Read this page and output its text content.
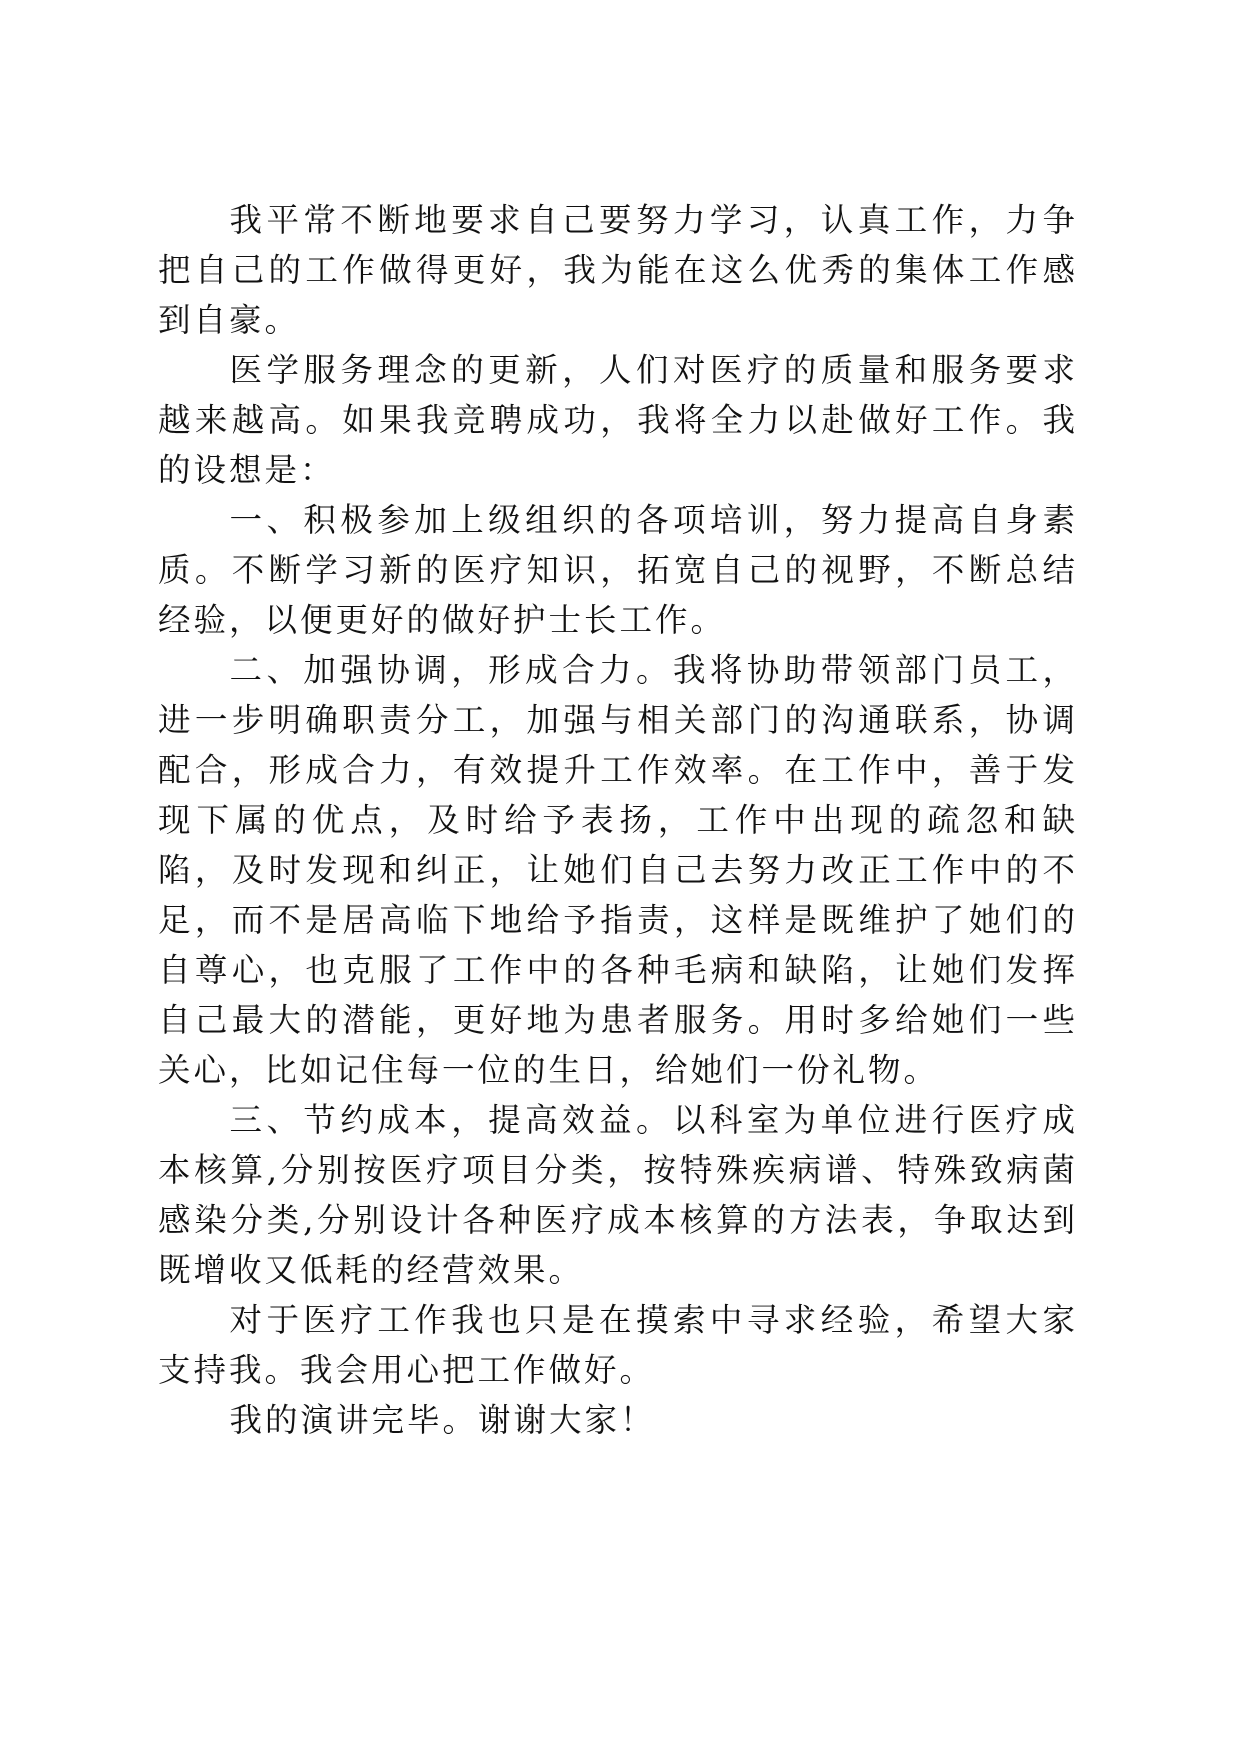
我平常不断地要求自己要努力学习，认真工作，力争把自己的工作做得更好，我为能在这么优秀的集体工作感到自豪。

医学服务理念的更新，人们对医疗的质量和服务要求越来越高。如果我竞聘成功，我将全力以赴做好工作。我的设想是：

一、积极参加上级组织的各项培训，努力提高自身素质。不断学习新的医疗知识，拓宽自己的视野，不断总结经验，以便更好的做好护士长工作。

二、加强协调，形成合力。我将协助带领部门员工，进一步明确职责分工，加强与相关部门的沟通联系，协调配合，形成合力，有效提升工作效率。在工作中，善于发现下属的优点，及时给予表扬，工作中出现的疏忽和缺陷，及时发现和纠正，让她们自己去努力改正工作中的不足，而不是居高临下地给予指责，这样是既维护了她们的自尊心，也克服了工作中的各种毛病和缺陷，让她们发挥自己最大的潜能，更好地为患者服务。用时多给她们一些关心，比如记住每一位的生日，给她们一份礼物。

三、节约成本，提高效益。以科室为单位进行医疗成本核算,分别按医疗项目分类，按特殊疾病谱、特殊致病菌感染分类,分别设计各种医疗成本核算的方法表，争取达到既增收又低耗的经营效果。

对于医疗工作我也只是在摸索中寻求经验，希望大家支持我。我会用心把工作做好。

我的演讲完毕。谢谢大家！
